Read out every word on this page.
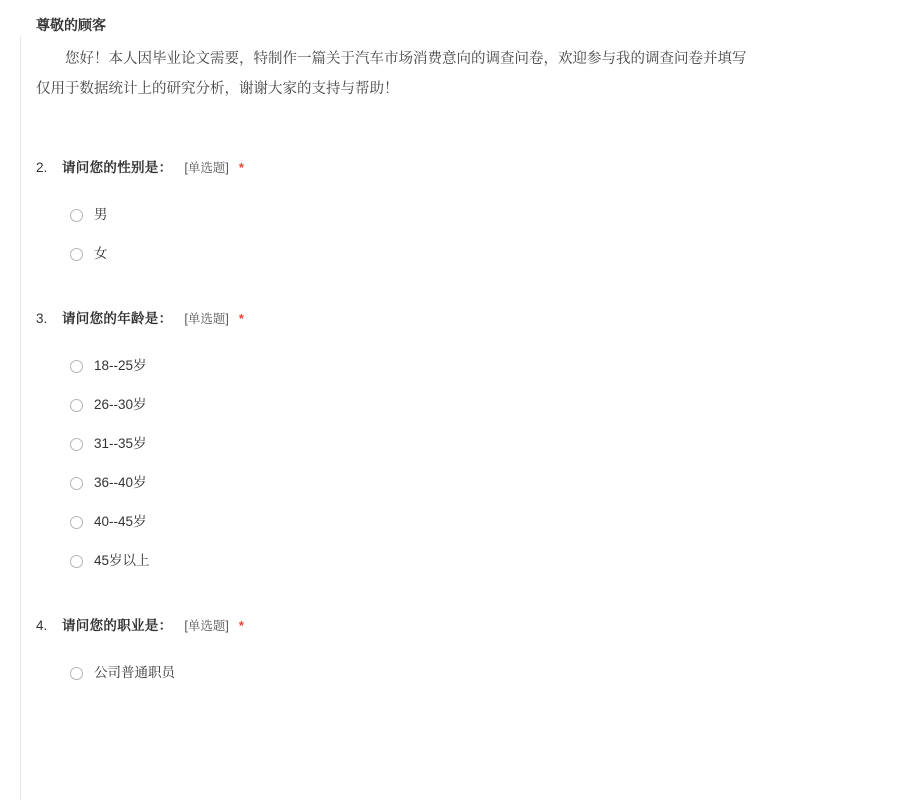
尊敬的顾客

您好！本人因毕业论文需要，特制作一篇关于汽车市场消费意向的调查问卷，欢迎参与我的调查问卷并填写
仅用于数据统计上的研究分析，谢谢大家的支持与帮助！

2.	请问您的性别是： [单选题] *
男
女
3.	请问您的年龄是： [单选题] *
18--25岁
26--30岁
31--35岁
36--40岁
40--45岁
45岁以上
4.	请问您的职业是： [单选题] *
公司普通职员
